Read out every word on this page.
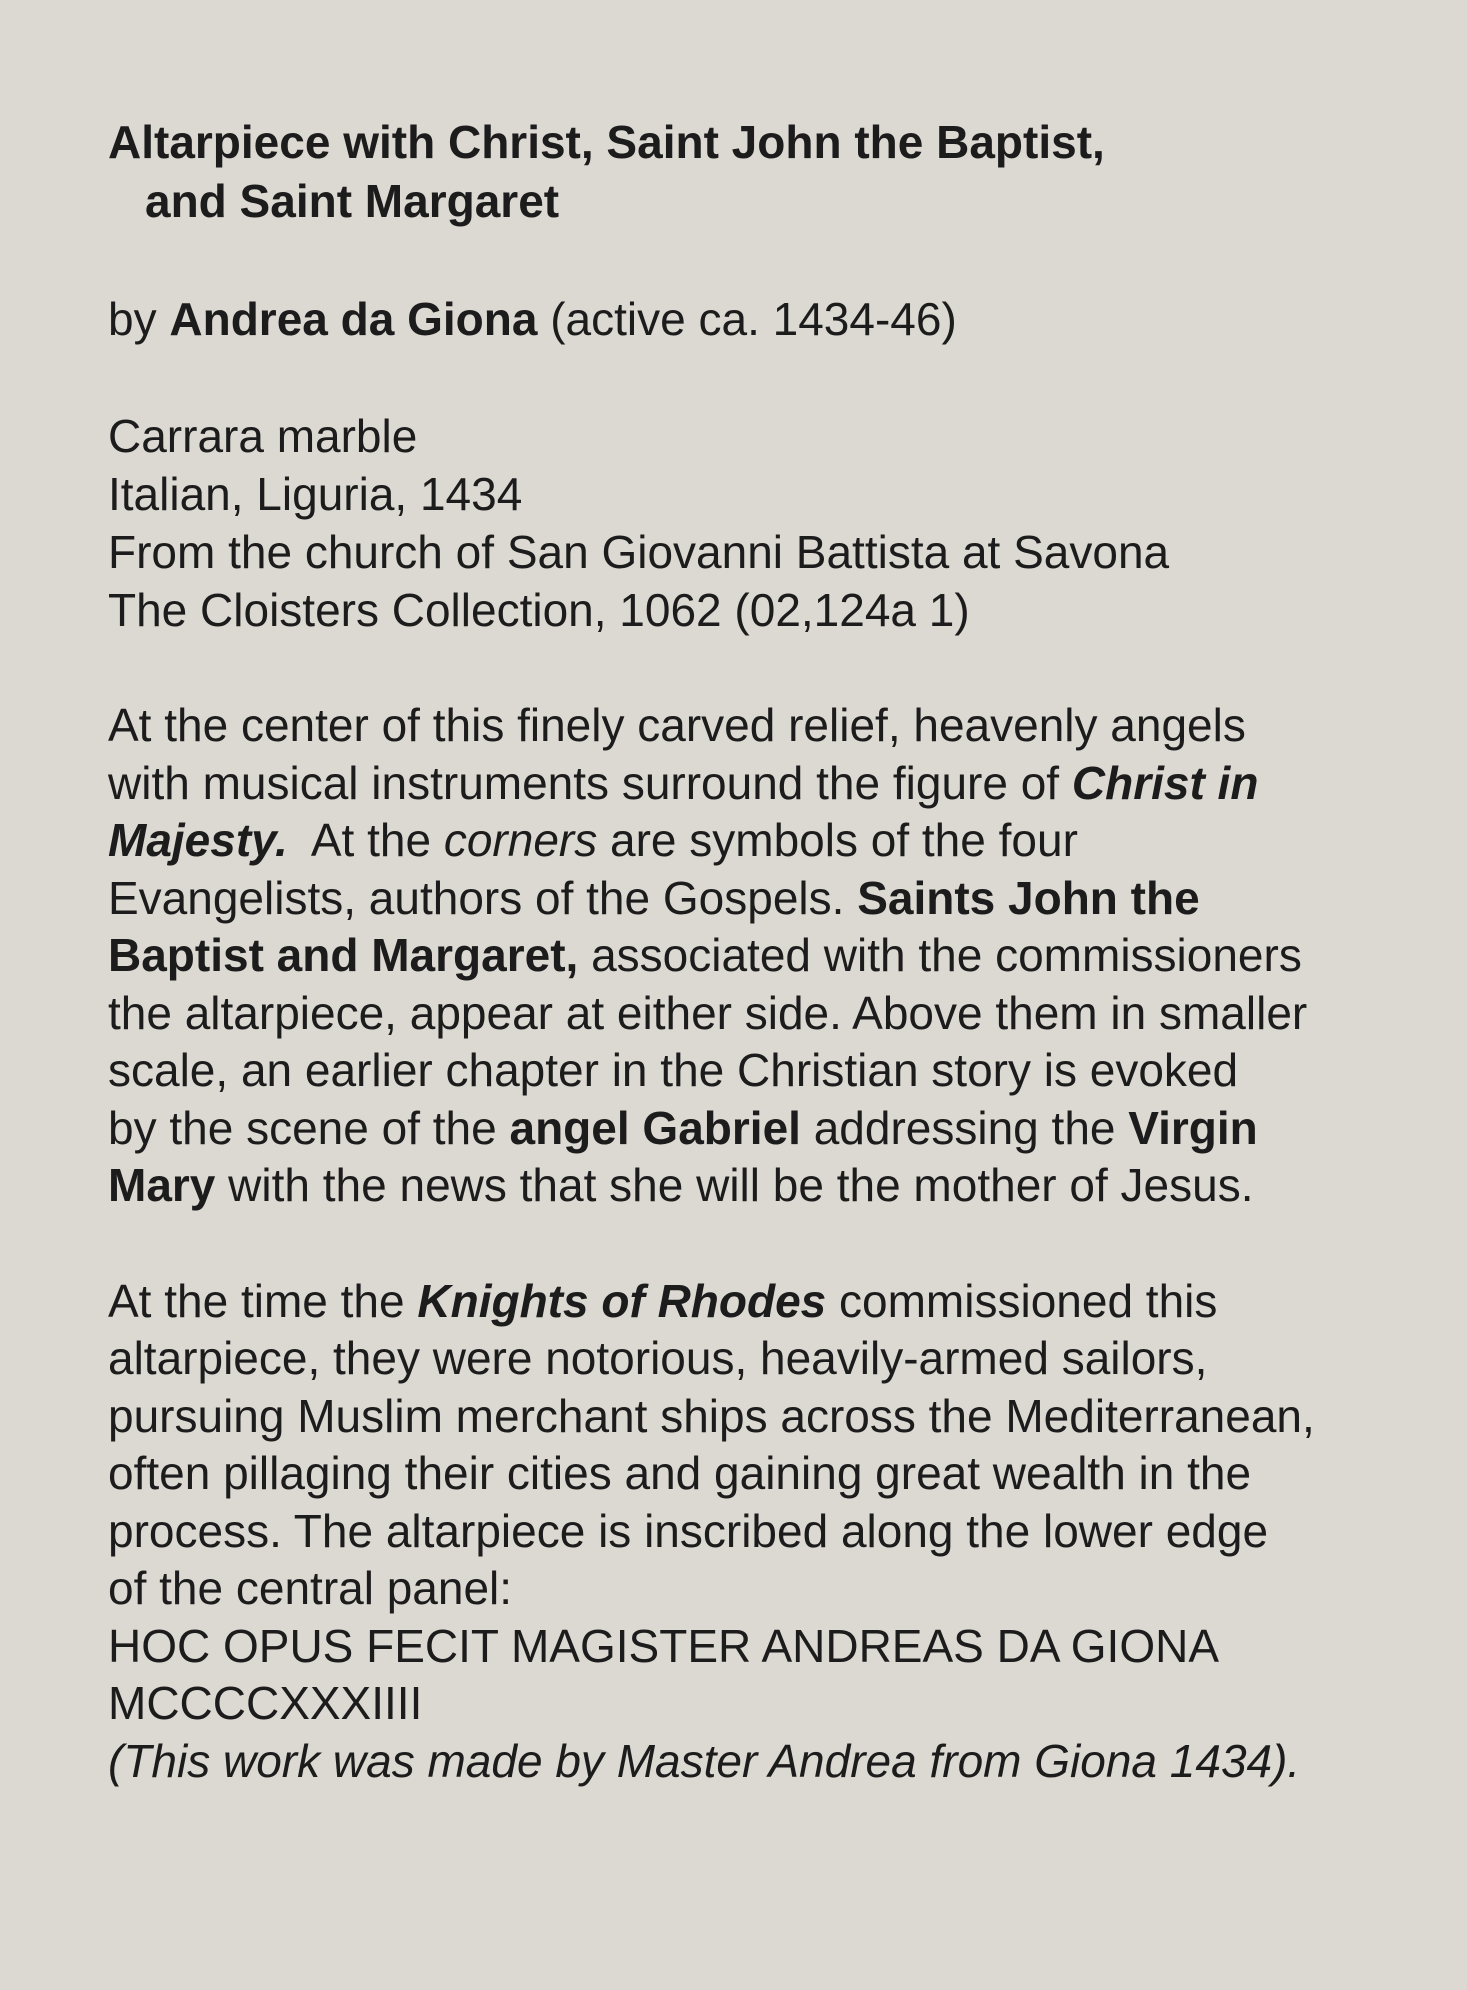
Altarpiece with Christ, Saint John the Baptist,
and Saint Margaret

by Andrea da Giona (active ca. 1434-46)

Carrara marble
Italian, Liguria, 1434
From the church of San Giovanni Battista at Savona
The Cloisters Collection, 1062 (02,124a 1)

At the center of this finely carved relief, heavenly angels
with musical instruments surround the figure of Christ in
Majesty.  At the corners are symbols of the four
Evangelists, authors of the Gospels. Saints John the
Baptist and Margaret, associated with the commissioners
the altarpiece, appear at either side. Above them in smaller
scale, an earlier chapter in the Christian story is evoked
by the scene of the angel Gabriel addressing the Virgin
Mary with the news that she will be the mother of Jesus.

At the time the Knights of Rhodes commissioned this
altarpiece, they were notorious, heavily-armed sailors,
pursuing Muslim merchant ships across the Mediterranean,
often pillaging their cities and gaining great wealth in the
process. The altarpiece is inscribed along the lower edge
of the central panel:
HOC OPUS FECIT MAGISTER ANDREAS DA GIONA
MCCCCXXXIIII
(This work was made by Master Andrea from Giona 1434).
